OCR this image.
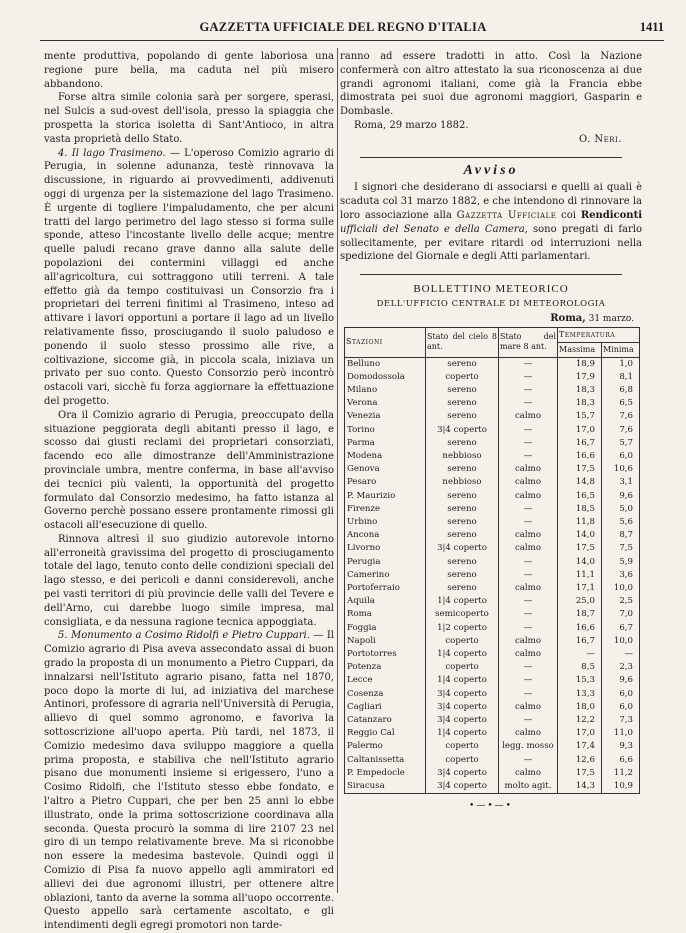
GAZZETTA UFFICIALE DEL REGNO D'ITALIA	1411

mente produttiva, popolando di gente laboriosa una regione pure bella, ma caduta nel più misero abbandono.

Forse altra simile colonia sarà per sorgere, sperasi, nel Sulcis a sud-ovest dell'isola, presso la spiaggia che prospetta la storica isoletta di Sant'Antioco, in altra vasta proprietà dello Stato.

4. Il lago Trasimeno. — L'operoso Comizio agrario di Perugia, in solenne adunanza, testè rinnovava la discussione, in riguardo ai provvedimenti, addivenuti oggi di urgenza per la sistemazione del lago Trasimeno. È urgente di togliere l'impaludamento, che per alcuni tratti del largo perimetro del lago stesso si forma sulle sponde, atteso l'incostante livello delle acque; mentre quelle paludi recano grave danno alla salute delle popolazioni dei contermini villaggi ed anche all'agricoltura, cui sottraggono utili terreni. A tale effetto già da tempo costituivasi un Consorzio fra i proprietari dei terreni finitimi al Trasimeno, inteso ad attivare i lavori opportuni a portare il lago ad un livello relativamente fisso, prosciugando il suolo paludoso e ponendo il suolo stesso prossimo alle rive, a coltivazione, siccome già, in piccola scala, iniziava un privato per suo conto. Questo Consorzio però incontrò ostacoli vari, sicchè fu forza aggiornare la effettuazione del progetto.

Ora il Comizio agrario di Perugia, preoccupato della situazione peggiorata degli abitanti presso il lago, e scosso dai giusti reclami dei proprietari consorziati, facendo eco alle dimostranze dell'Amministrazione provinciale umbra, mentre conferma, in base all'avviso dei tecnici più valenti, la opportunità del progetto formulato dal Consorzio medesimo, ha fatto istanza al Governo perchè possano essere prontamente rimossi gli ostacoli all'esecuzione di quello.

Rinnova altresì il suo giudizio autorevole intorno all'erroneità gravissima del progetto di prosciugamento totale del lago, tenuto conto delle condizioni speciali del lago stesso, e dei pericoli e danni considerevoli, anche pei vasti territori di più provincie delle valli del Tevere e dell'Arno, cui darebbe luogo simile impresa, mal consigliata, e da nessuna ragione tecnica appoggiata.

5. Monumento a Cosimo Ridolfi e Pietro Cuppari. — Il Comizio agrario di Pisa aveva assecondato assai di buon grado la proposta di un monumento a Pietro Cuppari, da innalzarsi nell'Istituto agrario pisano, fatta nel 1870, poco dopo la morte di lui, ad iniziativa del marchese Antinori, professore di agraria nell'Università di Perugia, allievo di quel sommo agronomo, e favoriva la sottoscrizione all'uopo aperta. Più tardi, nel 1873, il Comizio medesimo dava sviluppo maggiore a quella prima proposta, e stabiliva che nell'Istituto agrario pisano due monumenti insieme si erigessero, l'uno a Cosimo Ridolfi, che l'Istituto stesso ebbe fondato, e l'altro a Pietro Cuppari, che per ben 25 anni lo ebbe illustrato, onde la prima sottoscrizione coordinava alla seconda. Questa procurò la somma di lire 2107 23 nel giro di un tempo relativamente breve. Ma si riconobbe non essere la medesima bastevole. Quindi oggi il Comizio di Pisa fa nuovo appello agli ammiratori ed allievi dei due agronomi illustri, per ottenere altre oblazioni, tanto da averne la somma all'uopo occorrente. Questo appello sarà certamente ascoltato, e gli intendimenti degli egregi promotori non tarde-

ranno ad essere tradotti in atto. Così la Nazione confermerà con altro attestato la sua riconoscenza ai due grandi agronomi italiani, come già la Francia ebbe dimostrata pei suoi due agronomi maggiori, Gasparin e Dombasle.

Roma, 29 marzo 1882.

O. Neri.
Avviso

I signori che desiderano di associarsi e quelli ai quali è scaduta col 31 marzo 1882, e che intendono di rinnovare la loro associazione alla Gazzetta Ufficiale coi Rendiconti ufficiali del Senato e della Camera, sono pregati di farlo sollecitamente, per evitare ritardi od interruzioni nella spedizione del Giornale e degli Atti parlamentari.

BOLLETTINO METEORICO
DELL'UFFICIO CENTRALE DI METEOROLOGIA
Roma, 31 marzo.
Stazioni	Stato del cielo 8 ant.	Stato del mare 8 ant.	Temperatura	
			Massima	Minima
Belluno	sereno	—	18,9	1,0
Domodossola	coperto	—	17,9	8,1
Milano	sereno	—	18,3	6,8
Verona	sereno	—	18,3	6,5
Venezia	sereno	calmo	15,7	7,6
Torino	3|4 coperto	—	17,0	7,6
Parma	sereno	—	16,7	5,7
Modena	nebbioso	—	16,6	6,0
Genova	sereno	calmo	17,5	10,6
Pesaro	nebbioso	calmo	14,8	3,1
P. Maurizio	sereno	calmo	16,5	9,6
Firenze	sereno	—	18,5	5,0
Urbino	sereno	—	11,8	5,6
Ancona	sereno	calmo	14,0	8,7
Livorno	3|4 coperto	calmo	17,5	7,5
Perugia	sereno	—	14,0	5,9
Camerino	sereno	—	11,1	3,6
Portoferraio	sereno	calmo	17,1	10,0
Aquila	1|4 coperto	—	25,0	2,5
Roma	semicoperto	—	18,7	7,0
Foggia	1|2 coperto	—	16,6	6,7
Napoli	coperto	calmo	16,7	10,0
Portotorres	1|4 coperto	calmo	—	—
Potenza	coperto	—	8,5	2,3
Lecce	1|4 coperto	—	15,3	9,6
Cosenza	3|4 coperto	—	13,3	6,0
Cagliari	3|4 coperto	calmo	18,0	6,0
Catanzaro	3|4 coperto	—	12,2	7,3
Reggio Cal	1|4 coperto	calmo	17,0	11,0
Palermo	coperto	legg. mosso	17,4	9,3
Caltanissetta	coperto	—	12,6	6,6
P. Empedocle	3|4 coperto	calmo	17,5	11,2
Siracusa	3|4 coperto	molto agit.	14,3	10,9
•—•—•
